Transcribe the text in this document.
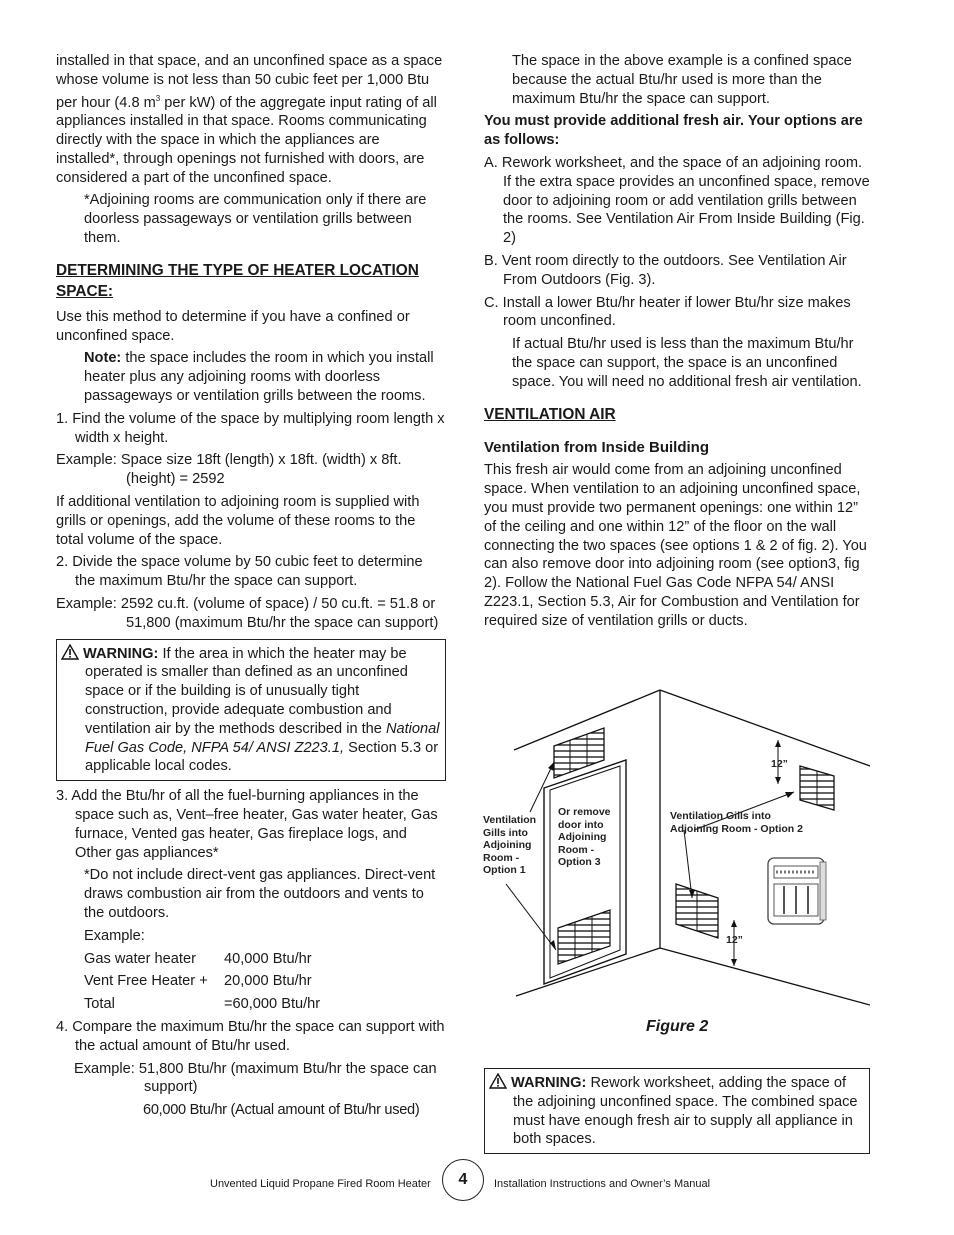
installed in that space, and an unconfined space as a space whose volume is not less than 50 cubic feet per 1,000 Btu per hour (4.8 $m^3$ per kW) of the aggregate input rating of all appliances installed in that space. Rooms communicating directly with the space in which the appliances are installed*, through openings not furnished with doors, are considered a part of the unconfined space.

*Adjoining rooms are communication only if there are doorless passageways or ventilation grills between them.

DETERMINING THE TYPE OF HEATER LOCATION SPACE:

Use this method to determine if you have a confined or unconfined space.

Note: the space includes the room in which you install heater plus any adjoining rooms with doorless passageways or ventilation grills between the rooms.

1. Find the volume of the space by multiplying room length x width x height.

Example: Space size 18ft (length) x 18ft. (width) x 8ft. (height) = 2592

If additional ventilation to adjoining room is supplied with grills or openings, add the volume of these rooms to the total volume of the space.

2. Divide the space volume by 50 cubic feet to determine the maximum Btu/hr the space can support.

Example: 2592 cu.ft. (volume of space) / 50 cu.ft. = 51.8 or 51,800 (maximum Btu/hr the space can support)

WARNING: If the area in which the heater may be operated is smaller than defined as an unconfined space or if the building is of unusually tight construction, provide adequate combustion and ventilation air by the methods described in the National Fuel Gas Code, NFPA 54/ ANSI Z223.1, Section 5.3 or applicable local codes.

3. Add the Btu/hr of all the fuel-burning appliances in the space such as, Vent–free heater, Gas water heater, Gas furnace, Vented gas heater, Gas fireplace logs, and Other gas appliances*

*Do not include direct-vent gas appliances. Direct-vent draws combustion air from the outdoors and vents to the outdoors.

Example:
Gas water heater	40,000 Btu/hr
Vent Free Heater +	20,000 Btu/hr
Total	=60,000 Btu/hr

4. Compare the maximum Btu/hr the space can support with the actual amount of Btu/hr used.

Example: 51,800 Btu/hr (maximum Btu/hr the space can support)

60,000 Btu/hr (Actual amount of Btu/hr used)

The space in the above example is a confined space because the actual Btu/hr used is more than the maximum Btu/hr the space can support.

You must provide additional fresh air. Your options are as follows:

A. Rework worksheet, and the space of an adjoining room. If the extra space provides an unconfined space, remove door to adjoining room or add ventilation grills between the rooms. See Ventilation Air From Inside Building (Fig. 2)

B. Vent room directly to the outdoors. See Ventilation Air From Outdoors (Fig. 3).

C. Install a lower Btu/hr heater if lower Btu/hr size makes room unconfined.

If actual Btu/hr used is less than the maximum Btu/hr the space can support, the space is an unconfined space. You will need no additional fresh air ventilation.

VENTILATION AIR
Ventilation from Inside Building

This fresh air would come from an adjoining unconfined space. When ventilation to an adjoining unconfined space, you must provide two permanent openings: one within 12” of the ceiling and one within 12” of the floor on the wall connecting the two spaces (see options 1 & 2 of fig. 2). You can also remove door into adjoining room (see option3, fig 2). Follow the National Fuel Gas Code NFPA 54/ ANSI Z223.1, Section 5.3, Air for Combustion and Ventilation for required size of ventilation grills or ducts.

Ventilation Gills into Adjoining Room - Option 1
Or remove door into Adjoining Room - Option 3
Ventilation Gills into Adjoining Room - Option 2
12”
12”
Figure 2

WARNING: Rework worksheet, adding the space of the adjoining unconfined space. The combined space must have enough fresh air to supply all appliance in both spaces.

Unvented Liquid Propane Fired Room Heater	4	Installation Instructions and Owner’s Manual
